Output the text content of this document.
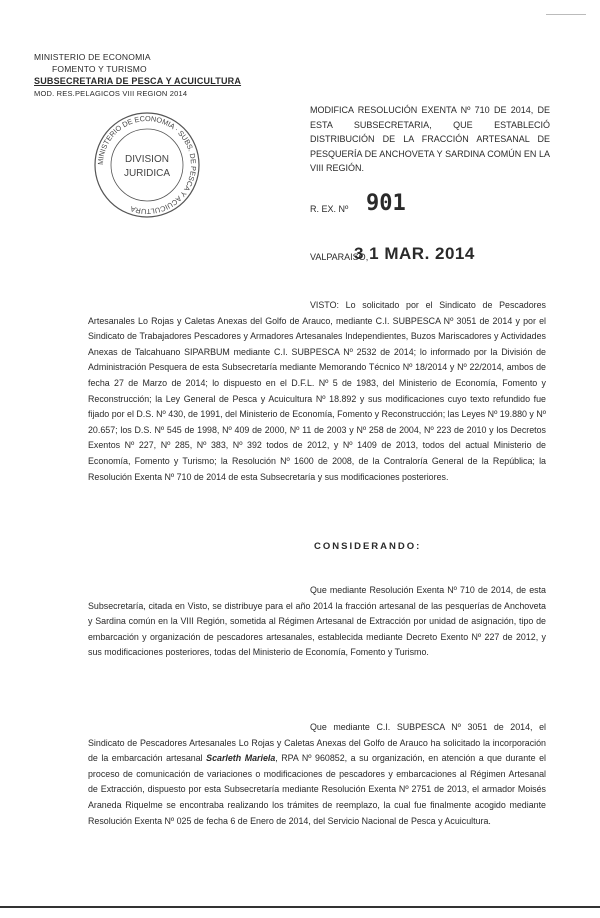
MINISTERIO DE ECONOMIA
FOMENTO Y TURISMO
SUBSECRETARIA DE PESCA Y ACUICULTURA
MOD. RES.PELAGICOS VIII REGION 2014
MINISTERIO DE ECONOMIA · SUBS. DE PESCA Y ACUICULTURA
DIVISION
JURIDICA
MODIFICA RESOLUCIÓN EXENTA Nº 710 DE 2014, DE ESTA SUBSECRETARIA, QUE ESTABLECIÓ DISTRIBUCIÓN DE LA FRACCIÓN ARTESANAL DE PESQUERÍA DE ANCHOVETA Y SARDINA COMÚN EN LA VIII REGIÓN.
R. EX. Nº 901
VALPARAISO,
3 1 MAR. 2014
VISTO: Lo solicitado por el Sindicato de Pescadores Artesanales Lo Rojas y Caletas Anexas del Golfo de Arauco, mediante C.I. SUBPESCA Nº 3051 de 2014 y por el Sindicato de Trabajadores Pescadores y Armadores Artesanales Independientes, Buzos Mariscadores y Actividades Anexas de Talcahuano SIPARBUM mediante C.I. SUBPESCA Nº 2532 de 2014; lo informado por la División de Administración Pesquera de esta Subsecretaría mediante Memorando Técnico Nº 18/2014 y Nº 22/2014, ambos de fecha 27 de Marzo de 2014; lo dispuesto en el D.F.L. Nº 5 de 1983, del Ministerio de Economía, Fomento y Reconstrucción; la Ley General de Pesca y Acuicultura Nº 18.892 y sus modificaciones cuyo texto refundido fue fijado por el D.S. Nº 430, de 1991, del Ministerio de Economía, Fomento y Reconstrucción; las Leyes Nº 19.880 y Nº 20.657; los D.S. Nº 545 de 1998, Nº 409 de 2000, Nº 11 de 2003 y Nº 258 de 2004, Nº 223 de 2010 y los Decretos Exentos Nº 227, Nº 285, Nº 383, Nº 392 todos de 2012, y Nº 1409 de 2013, todos del actual Ministerio de Economía, Fomento y Turismo; la Resolución Nº 1600 de 2008, de la Contraloría General de la República; la Resolución Exenta Nº 710 de 2014 de esta Subsecretaría y sus modificaciones posteriores.
CONSIDERANDO:
Que mediante Resolución Exenta Nº 710 de 2014, de esta Subsecretaría, citada en Visto, se distribuye para el año 2014 la fracción artesanal de las pesquerías de Anchoveta y Sardina común en la VIII Región, sometida al Régimen Artesanal de Extracción por unidad de asignación, tipo de embarcación y organización de pescadores artesanales, establecida mediante Decreto Exento Nº 227 de 2012, y sus modificaciones posteriores, todas del Ministerio de Economía, Fomento y Turismo.
Que mediante C.I. SUBPESCA Nº 3051 de 2014, el Sindicato de Pescadores Artesanales Lo Rojas y Caletas Anexas del Golfo de Arauco ha solicitado la incorporación de la embarcación artesanal Scarleth Mariela, RPA Nº 960852, a su organización, en atención a que durante el proceso de comunicación de variaciones o modificaciones de pescadores y embarcaciones al Régimen Artesanal de Extracción, dispuesto por esta Subsecretaría mediante Resolución Exenta Nº 2751 de 2013, el armador Moisés Araneda Riquelme se encontraba realizando los trámites de reemplazo, la cual fue finalmente acogido mediante Resolución Exenta Nº 025 de fecha 6 de Enero de 2014, del Servicio Nacional de Pesca y Acuicultura.
